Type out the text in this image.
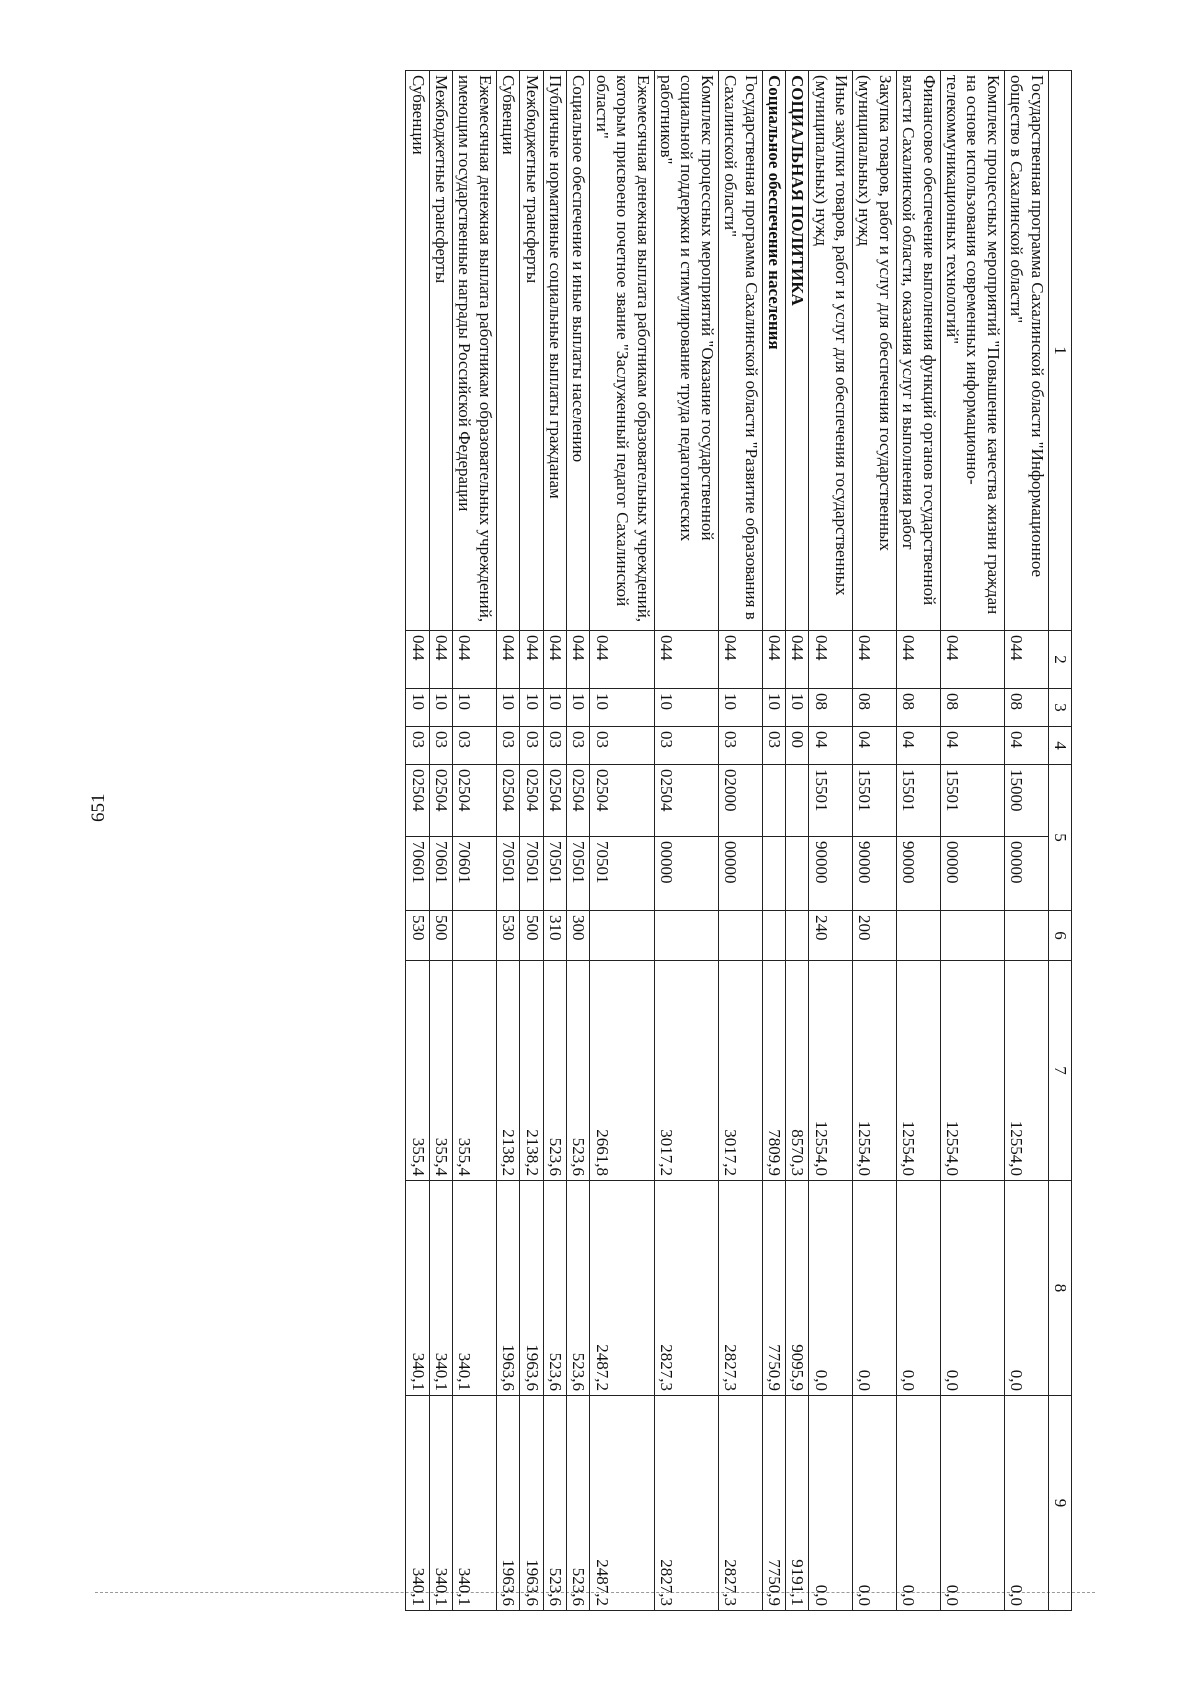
651
1	2	3	4	5		6	7	8	9
Государственная программа Сахалинской области "Информационное общество в Сахалинской области"	044	08	04	15000	00000		12554,0	0,0	0,0
Комплекс процессных мероприятий "Повышение качества жизни граждан на основе использования современных информационно-телекоммуникационных технологий"	044	08	04	15501	00000		12554,0	0,0	0,0
Финансовое обеспечение выполнения функций органов государственной власти Сахалинской области, оказания услуг и выполнения работ	044	08	04	15501	90000		12554,0	0,0	0,0
Закупка товаров, работ и услуг для обеспечения государственных (муниципальных) нужд	044	08	04	15501	90000	200	12554,0	0,0	0,0
Иные закупки товаров, работ и услуг для обеспечения государственных (муниципальных) нужд	044	08	04	15501	90000	240	12554,0	0,0	0,0
СОЦИАЛЬНАЯ ПОЛИТИКА	044	10	00				8570,3	9095,9	9191,1
Социальное обеспечение населения	044	10	03				7809,9	7750,9	7750,9
Государственная программа Сахалинской области "Развитие образования в Сахалинской области"	044	10	03	02000	00000		3017,2	2827,3	2827,3
Комплекс процессных мероприятий "Оказание государственной социальной поддержки и стимулирование труда педагогических работников"	044	10	03	02504	00000		3017,2	2827,3	2827,3
Ежемесячная денежная выплата работникам образовательных учреждений, которым присвоено почетное звание "Заслуженный педагог Сахалинской области"	044	10	03	02504	70501		2661,8	2487,2	2487,2
Социальное обеспечение и иные выплаты населению	044	10	03	02504	70501	300	523,6	523,6	523,6
Публичные нормативные социальные выплаты гражданам	044	10	03	02504	70501	310	523,6	523,6	523,6
Межбюджетные трансферты	044	10	03	02504	70501	500	2138,2	1963,6	1963,6
Субвенции	044	10	03	02504	70501	530	2138,2	1963,6	1963,6
Ежемесячная денежная выплата работникам образовательных учреждений, имеющим государственные награды Российской Федерации	044	10	03	02504	70601		355,4	340,1	340,1
Межбюджетные трансферты	044	10	03	02504	70601	500	355,4	340,1	340,1
Субвенции	044	10	03	02504	70601	530	355,4	340,1	340,1
